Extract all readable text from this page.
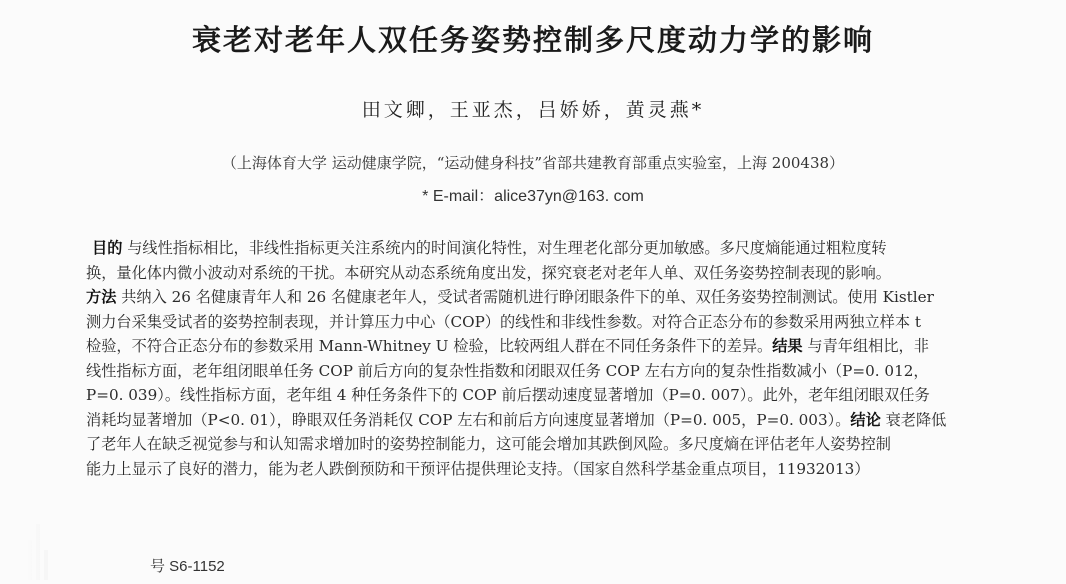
衰老对老年人双任务姿势控制多尺度动力学的影响
田文卿，王亚杰，吕娇娇，黄灵燕*
（上海体育大学 运动健康学院，“运动健身科技”省部共建教育部重点实验室，上海 200438）
* E-mail：alice37yn@163. com
目的 与线性指标相比，非线性指标更关注系统内的时间演化特性，对生理老化部分更加敏感。多尺度熵能通过粗粒度转
换，量化体内微小波动对系统的干扰。本研究从动态系统角度出发，探究衰老对老年人单、双任务姿势控制表现的影响。
方法 共纳入 26 名健康青年人和 26 名健康老年人，受试者需随机进行睁闭眼条件下的单、双任务姿势控制测试。使用 Kistler
测力台采集受试者的姿势控制表现，并计算压力中心（COP）的线性和非线性参数。对符合正态分布的参数采用两独立样本 t
检验，不符合正态分布的参数采用 Mann-Whitney U 检验，比较两组人群在不同任务条件下的差异。结果 与青年组相比，非
线性指标方面，老年组闭眼单任务 COP 前后方向的复杂性指数和闭眼双任务 COP 左右方向的复杂性指数减小（P=0. 012，
P=0. 039）。线性指标方面，老年组 4 种任务条件下的 COP 前后摆动速度显著增加（P=0. 007）。此外，老年组闭眼双任务
消耗均显著增加（P<0. 01），睁眼双任务消耗仅 COP 左右和前后方向速度显著增加（P=0. 005，P=0. 003）。结论 衰老降低
了老年人在缺乏视觉参与和认知需求增加时的姿势控制能力，这可能会增加其跌倒风险。多尺度熵在评估老年人姿势控制
能力上显示了良好的潜力，能为老人跌倒预防和干预评估提供理论支持。（国家自然科学基金重点项目，11932013）
号 S6-1152
